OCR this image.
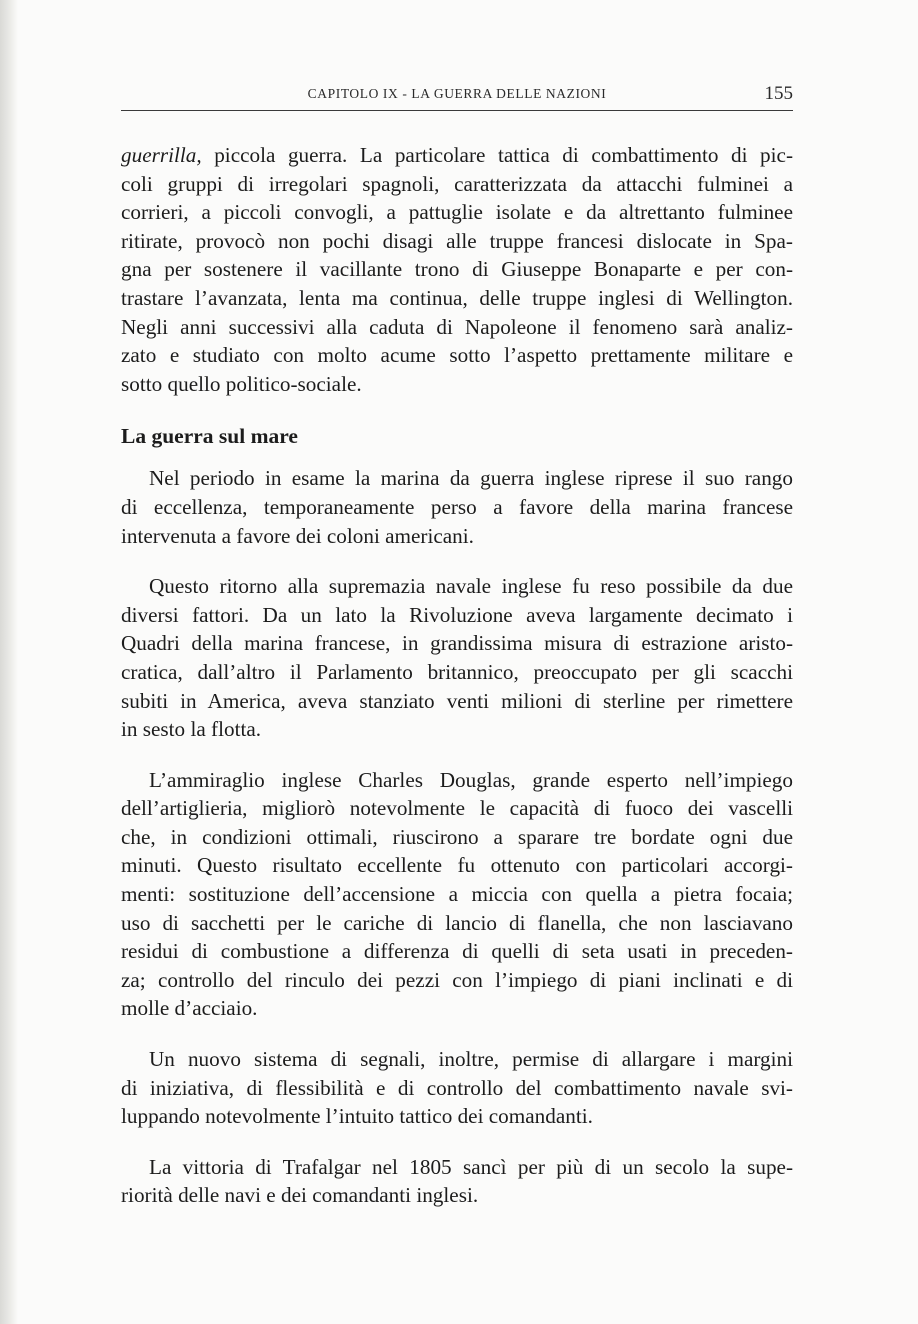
CAPITOLO IX - LA GUERRA DELLE NAZIONI	155
guerrilla, piccola guerra. La particolare tattica di combattimento di pic-
coli gruppi di irregolari spagnoli, caratterizzata da attacchi fulminei a
corrieri, a piccoli convogli, a pattuglie isolate e da altrettanto fulminee
ritirate, provocò non pochi disagi alle truppe francesi dislocate in Spa-
gna per sostenere il vacillante trono di Giuseppe Bonaparte e per con-
trastare l’avanzata, lenta ma continua, delle truppe inglesi di Wellington.
Negli anni successivi alla caduta di Napoleone il fenomeno sarà analiz-
zato e studiato con molto acume sotto l’aspetto prettamente militare e
sotto quello politico-sociale.
La guerra sul mare
Nel periodo in esame la marina da guerra inglese riprese il suo rango
di eccellenza, temporaneamente perso a favore della marina francese
intervenuta a favore dei coloni americani.
Questo ritorno alla supremazia navale inglese fu reso possibile da due
diversi fattori. Da un lato la Rivoluzione aveva largamente decimato i
Quadri della marina francese, in grandissima misura di estrazione aristo-
cratica, dall’altro il Parlamento britannico, preoccupato per gli scacchi
subiti in America, aveva stanziato venti milioni di sterline per rimettere
in sesto la flotta.
L’ammiraglio inglese Charles Douglas, grande esperto nell’impiego
dell’artiglieria, migliorò notevolmente le capacità di fuoco dei vascelli
che, in condizioni ottimali, riuscirono a sparare tre bordate ogni due
minuti. Questo risultato eccellente fu ottenuto con particolari accorgi-
menti: sostituzione dell’accensione a miccia con quella a pietra focaia;
uso di sacchetti per le cariche di lancio di flanella, che non lasciavano
residui di combustione a differenza di quelli di seta usati in preceden-
za; controllo del rinculo dei pezzi con l’impiego di piani inclinati e di
molle d’acciaio.
Un nuovo sistema di segnali, inoltre, permise di allargare i margini
di iniziativa, di flessibilità e di controllo del combattimento navale svi-
luppando notevolmente l’intuito tattico dei comandanti.
La vittoria di Trafalgar nel 1805 sancì per più di un secolo la supe-
riorità delle navi e dei comandanti inglesi.
